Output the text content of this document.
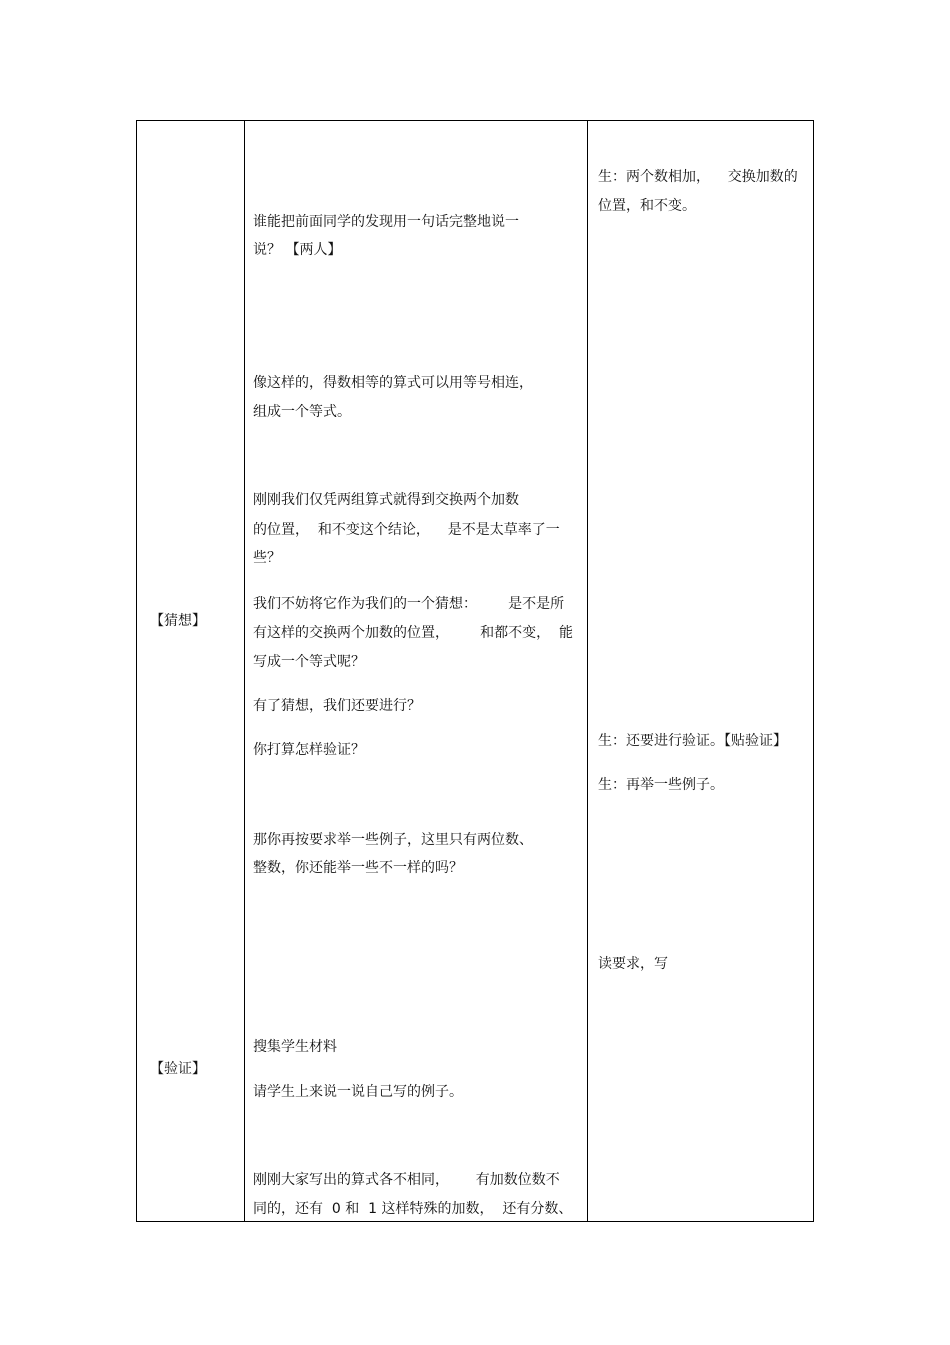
【猜想】
【验证】
谁能把前面同学的发现用一句话完整地说一
说？ 【两人】
像这样的，得数相等的算式可以用等号相连，
组成一个等式。
刚刚我们仅凭两组算式就得到交换两个加数
的位置，  和不变这个结论，    是不是太草率了一
些？
我们不妨将它作为我们的一个猜想：       是不是所
有这样的交换两个加数的位置，       和都不变，  能
写成一个等式呢？
有了猜想，我们还要进行？
你打算怎样验证？
那你再按要求举一些例子，这里只有两位数、
整数，你还能举一些不一样的吗？
搜集学生材料
请学生上来说一说自己写的例子。
刚刚大家写出的算式各不相同，      有加数位数不
同的，还有  0 和  1 这样特殊的加数，  还有分数、
生：两个数相加，    交换加数的
位置，和不变。
生：还要进行验证。【贴验证】
生：再举一些例子。
读要求，写
